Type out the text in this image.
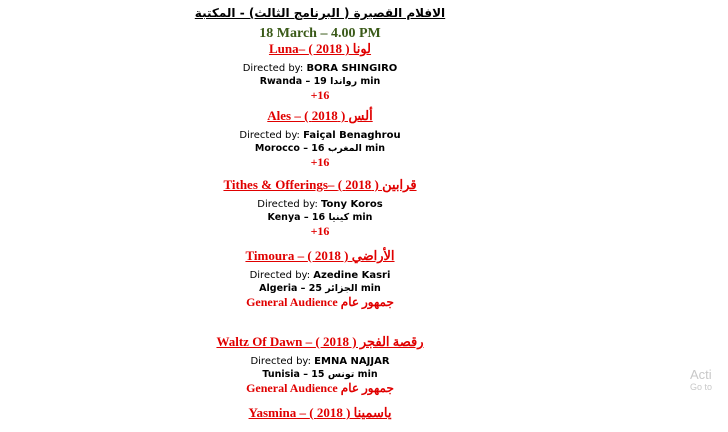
الافلام القصيرة ( البرنامج الثالث) - المكتبة
18 March – 4.00 PM
Luna– لونا ( 2018 )
Directed by: BORA SHINGIRO
Rwanda – رواندا 19 min
+16
Ales – ألس ( 2018 )
Directed by: Faiçal Benaghrou
Morocco – المغرب 16 min
+16
Tithes & Offerings– قرابين ( 2018 )
Directed by: Tony Koros
Kenya – كينيا 16 min
+16
Timoura – الأراضي ( 2018 )
Directed by: Azedine Kasri
Algeria – الجزائر 25 min
General Audience جمهور عام
Waltz Of Dawn – رقصة الفجر ( 2018 )
Directed by: EMNA NAJJAR
Tunisia – تونس 15 min
General Audience جمهور عام
Yasmina – ياسمينا ( 2018 )
Acti
Go to
